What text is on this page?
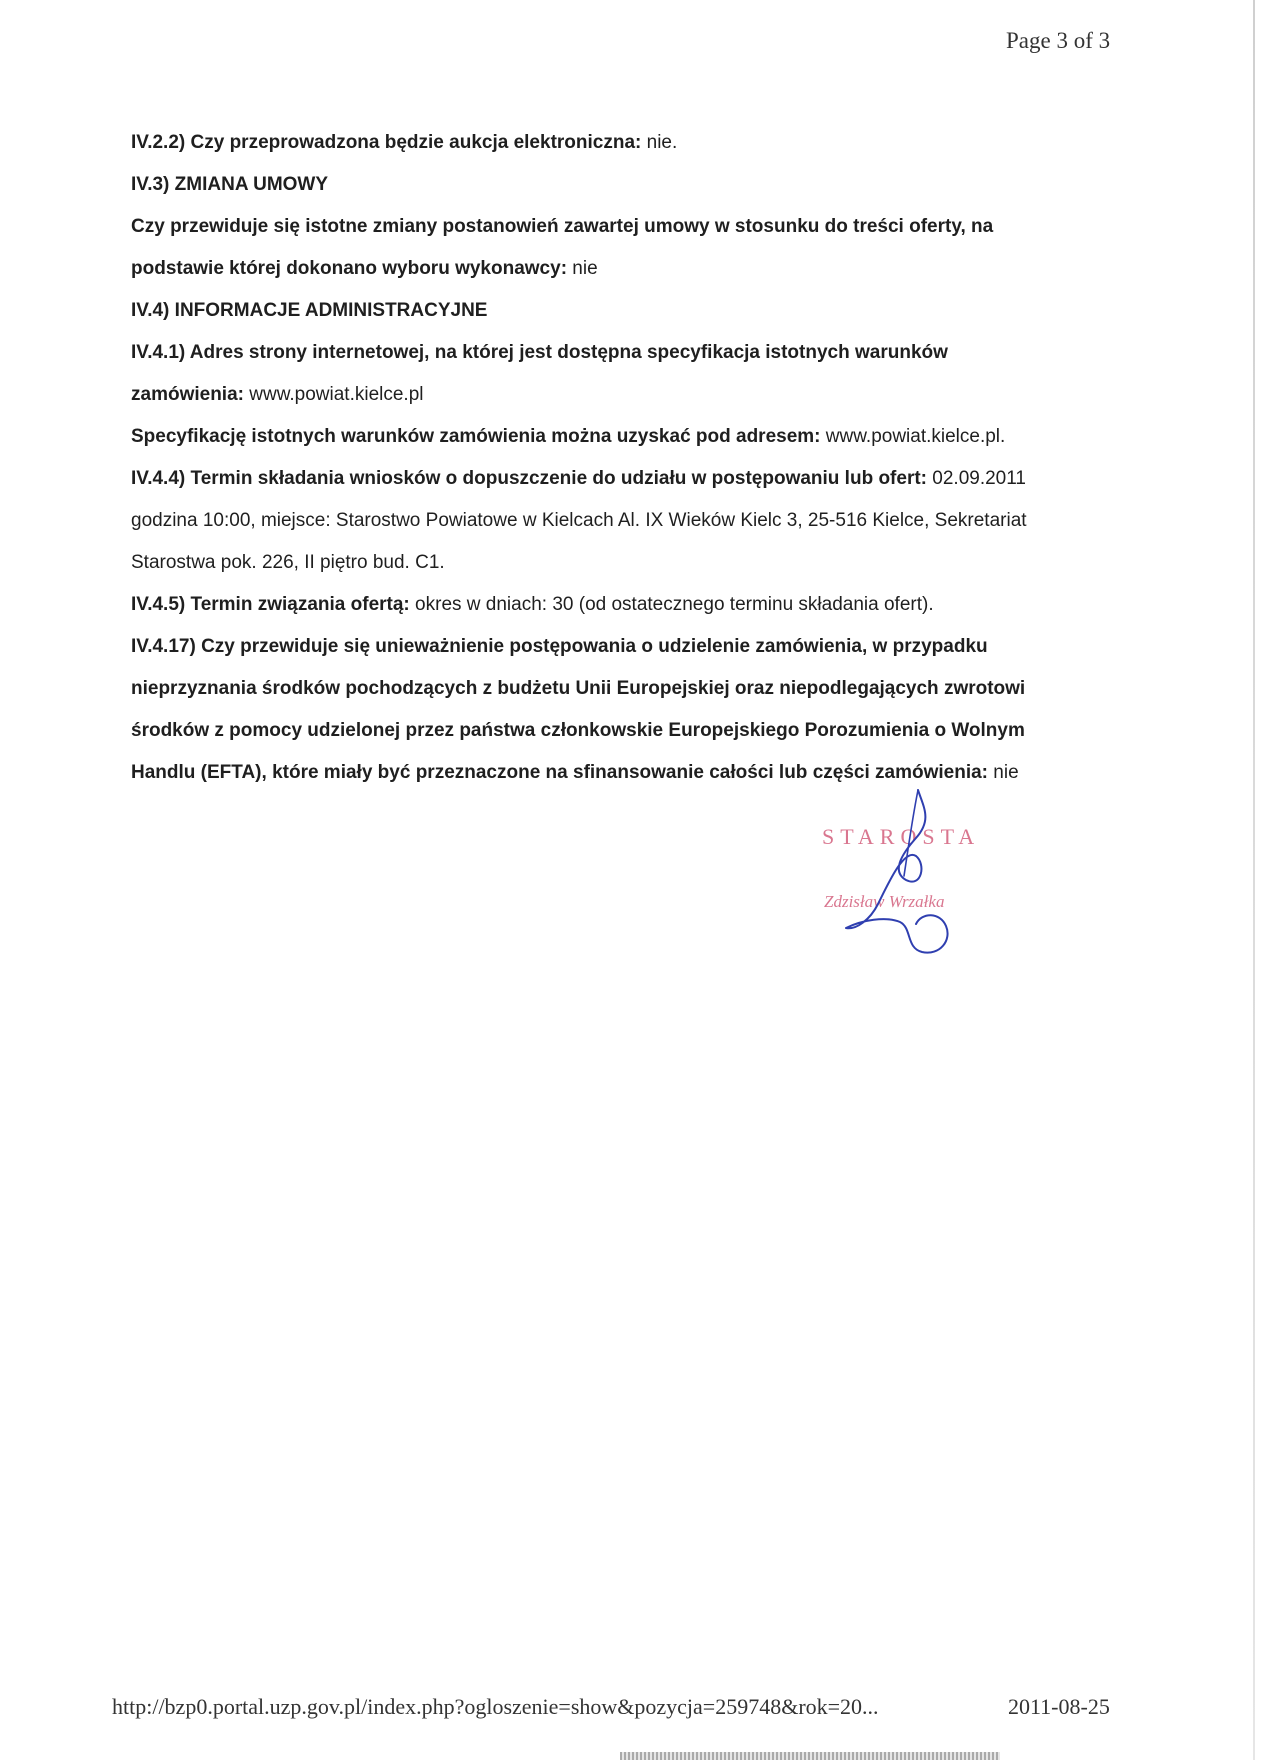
Page 3 of 3
IV.2.2) Czy przeprowadzona będzie aukcja elektroniczna: nie.
IV.3) ZMIANA UMOWY
Czy przewiduje się istotne zmiany postanowień zawartej umowy w stosunku do treści oferty, na
podstawie której dokonano wyboru wykonawcy: nie
IV.4) INFORMACJE ADMINISTRACYJNE
IV.4.1) Adres strony internetowej, na której jest dostępna specyfikacja istotnych warunków
zamówienia: www.powiat.kielce.pl
Specyfikację istotnych warunków zamówienia można uzyskać pod adresem: www.powiat.kielce.pl.
IV.4.4) Termin składania wniosków o dopuszczenie do udziału w postępowaniu lub ofert: 02.09.2011
godzina 10:00, miejsce: Starostwo Powiatowe w Kielcach Al. IX Wieków Kielc 3, 25-516 Kielce, Sekretariat
Starostwa pok. 226, II piętro bud. C1.
IV.4.5) Termin związania ofertą: okres w dniach: 30 (od ostatecznego terminu składania ofert).
IV.4.17) Czy przewiduje się unieważnienie postępowania o udzielenie zamówienia, w przypadku
nieprzyznania środków pochodzących z budżetu Unii Europejskiej oraz niepodlegających zwrotowi
środków z pomocy udzielonej przez państwa członkowskie Europejskiego Porozumienia o Wolnym
Handlu (EFTA), które miały być przeznaczone na sfinansowanie całości lub części zamówienia: nie
STAROSTA
Zdzisław Wrzałka
http://bzp0.portal.uzp.gov.pl/index.php?ogloszenie=show&pozycja=259748&rok=20...	2011-08-25
